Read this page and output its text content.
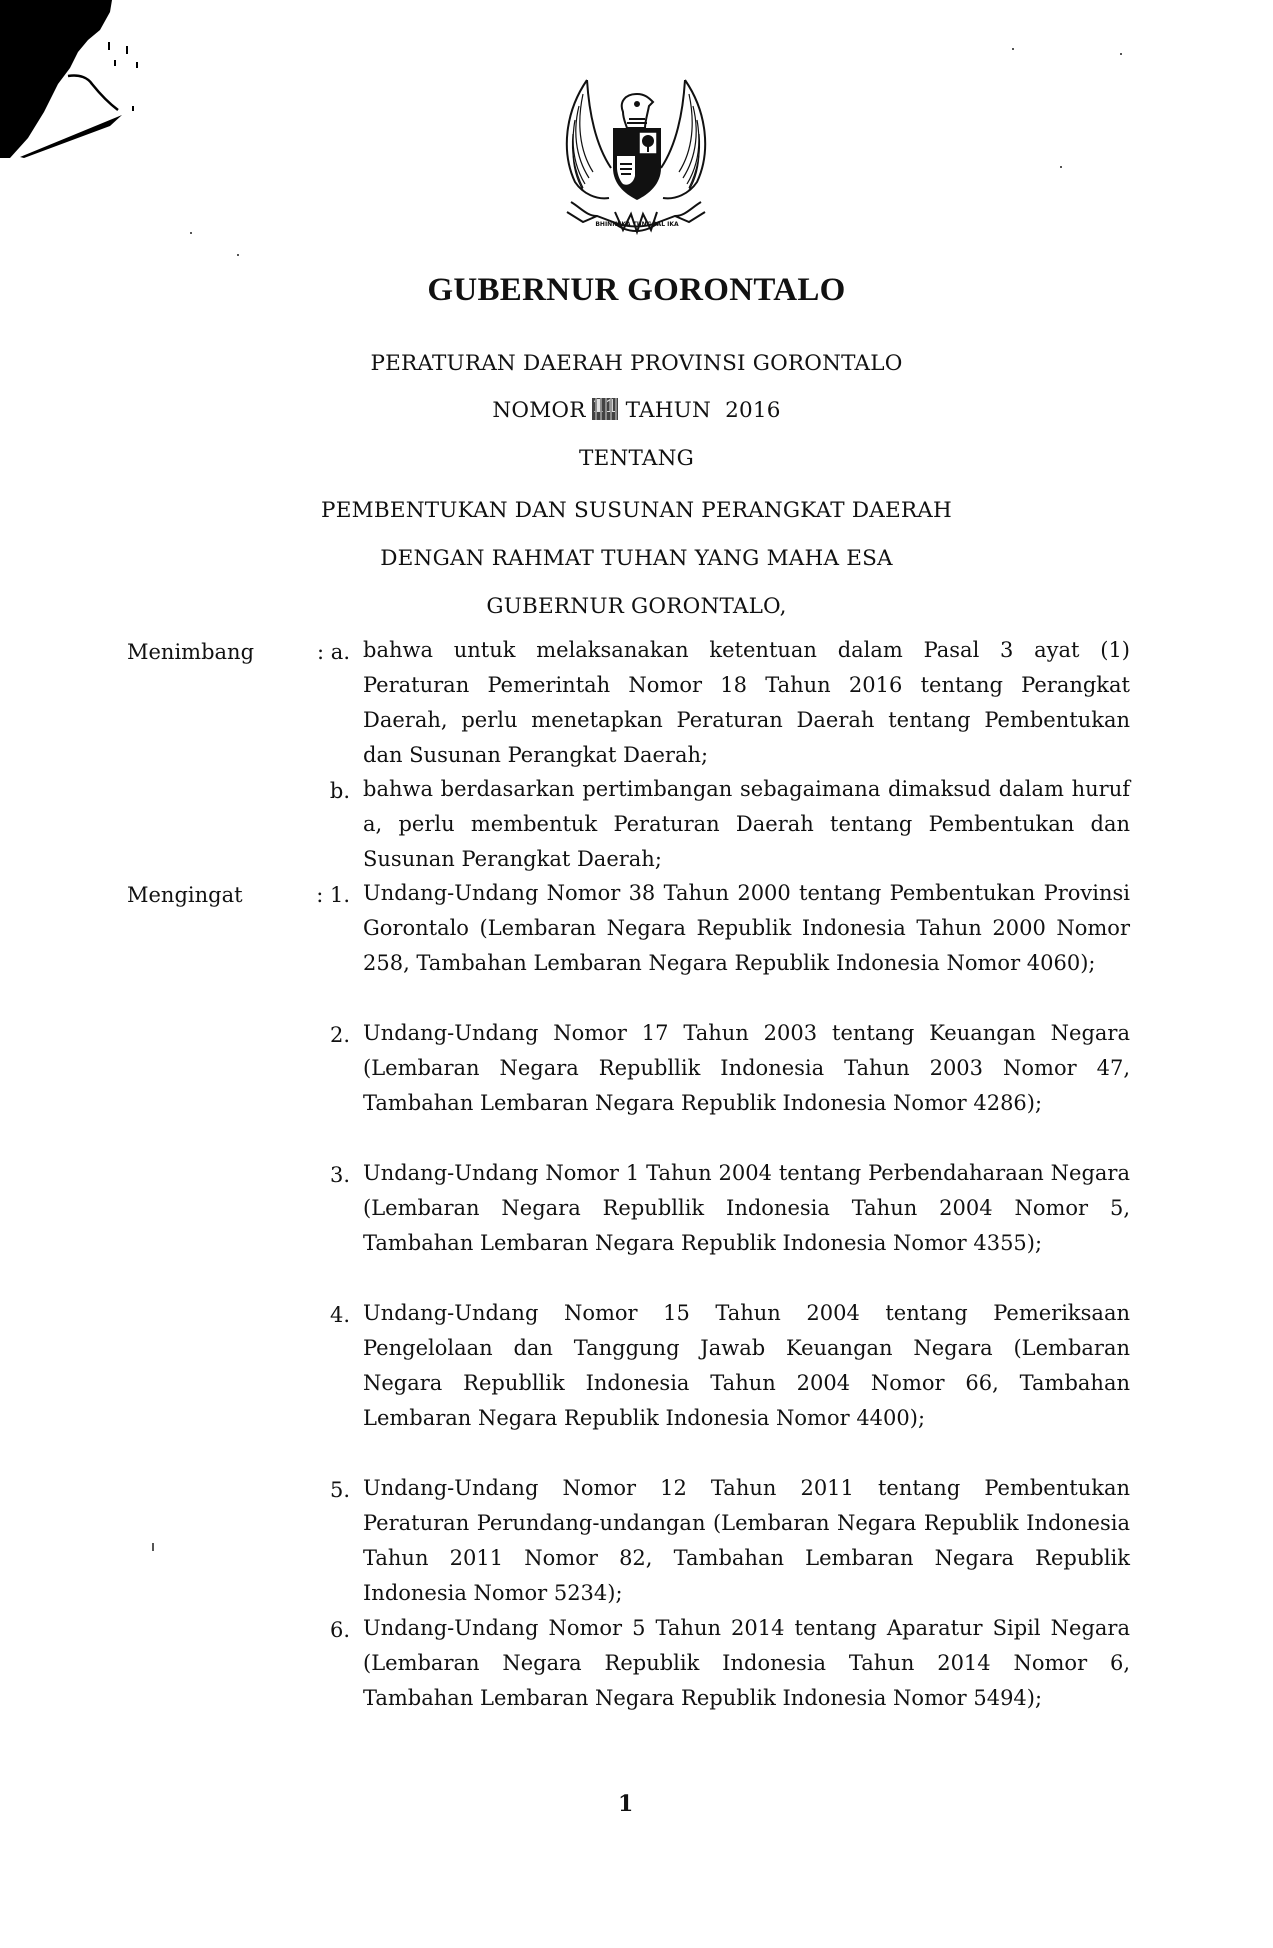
BHINNEKA TUNGGAL IKA
GUBERNUR GORONTALO
PERATURAN DAERAH PROVINSI GORONTALO
NOMOR 11 TAHUN 2016
TENTANG
PEMBENTUKAN DAN SUSUNAN PERANGKAT DAERAH
DENGAN RAHMAT TUHAN YANG MAHA ESA
GUBERNUR GORONTALO,
Menimbang	: a. bahwa untuk melaksanakan ketentuan dalam Pasal 3 ayat (1) Peraturan Pemerintah Nomor 18 Tahun 2016 tentang Perangkat Daerah, perlu menetapkan Peraturan Daerah tentang Pembentukan dan Susunan Perangkat Daerah;
b. bahwa berdasarkan pertimbangan sebagaimana dimaksud dalam huruf a, perlu membentuk Peraturan Daerah tentang Pembentukan dan Susunan Perangkat Daerah;
Mengingat	: 1. Undang-Undang Nomor 38 Tahun 2000 tentang Pembentukan Provinsi Gorontalo (Lembaran Negara Republik Indonesia Tahun 2000 Nomor 258, Tambahan Lembaran Negara Republik Indonesia Nomor 4060);
2. Undang-Undang Nomor 17 Tahun 2003 tentang Keuangan Negara (Lembaran Negara Republlik Indonesia Tahun 2003 Nomor 47, Tambahan Lembaran Negara Republik Indonesia Nomor 4286);
3. Undang-Undang Nomor 1 Tahun 2004 tentang Perbendaharaan Negara (Lembaran Negara Republlik Indonesia Tahun 2004 Nomor 5, Tambahan Lembaran Negara Republik Indonesia Nomor 4355);
4. Undang-Undang Nomor 15 Tahun 2004 tentang Pemeriksaan Pengelolaan dan Tanggung Jawab Keuangan Negara (Lembaran Negara Republlik Indonesia Tahun 2004 Nomor 66, Tambahan Lembaran Negara Republik Indonesia Nomor 4400);
5. Undang-Undang Nomor 12 Tahun 2011 tentang Pembentukan Peraturan Perundang-undangan (Lembaran Negara Republik Indonesia Tahun 2011 Nomor 82, Tambahan Lembaran Negara Republik Indonesia Nomor 5234);
6. Undang-Undang Nomor 5 Tahun 2014 tentang Aparatur Sipil Negara (Lembaran Negara Republik Indonesia Tahun 2014 Nomor 6, Tambahan Lembaran Negara Republik Indonesia Nomor 5494);
1
